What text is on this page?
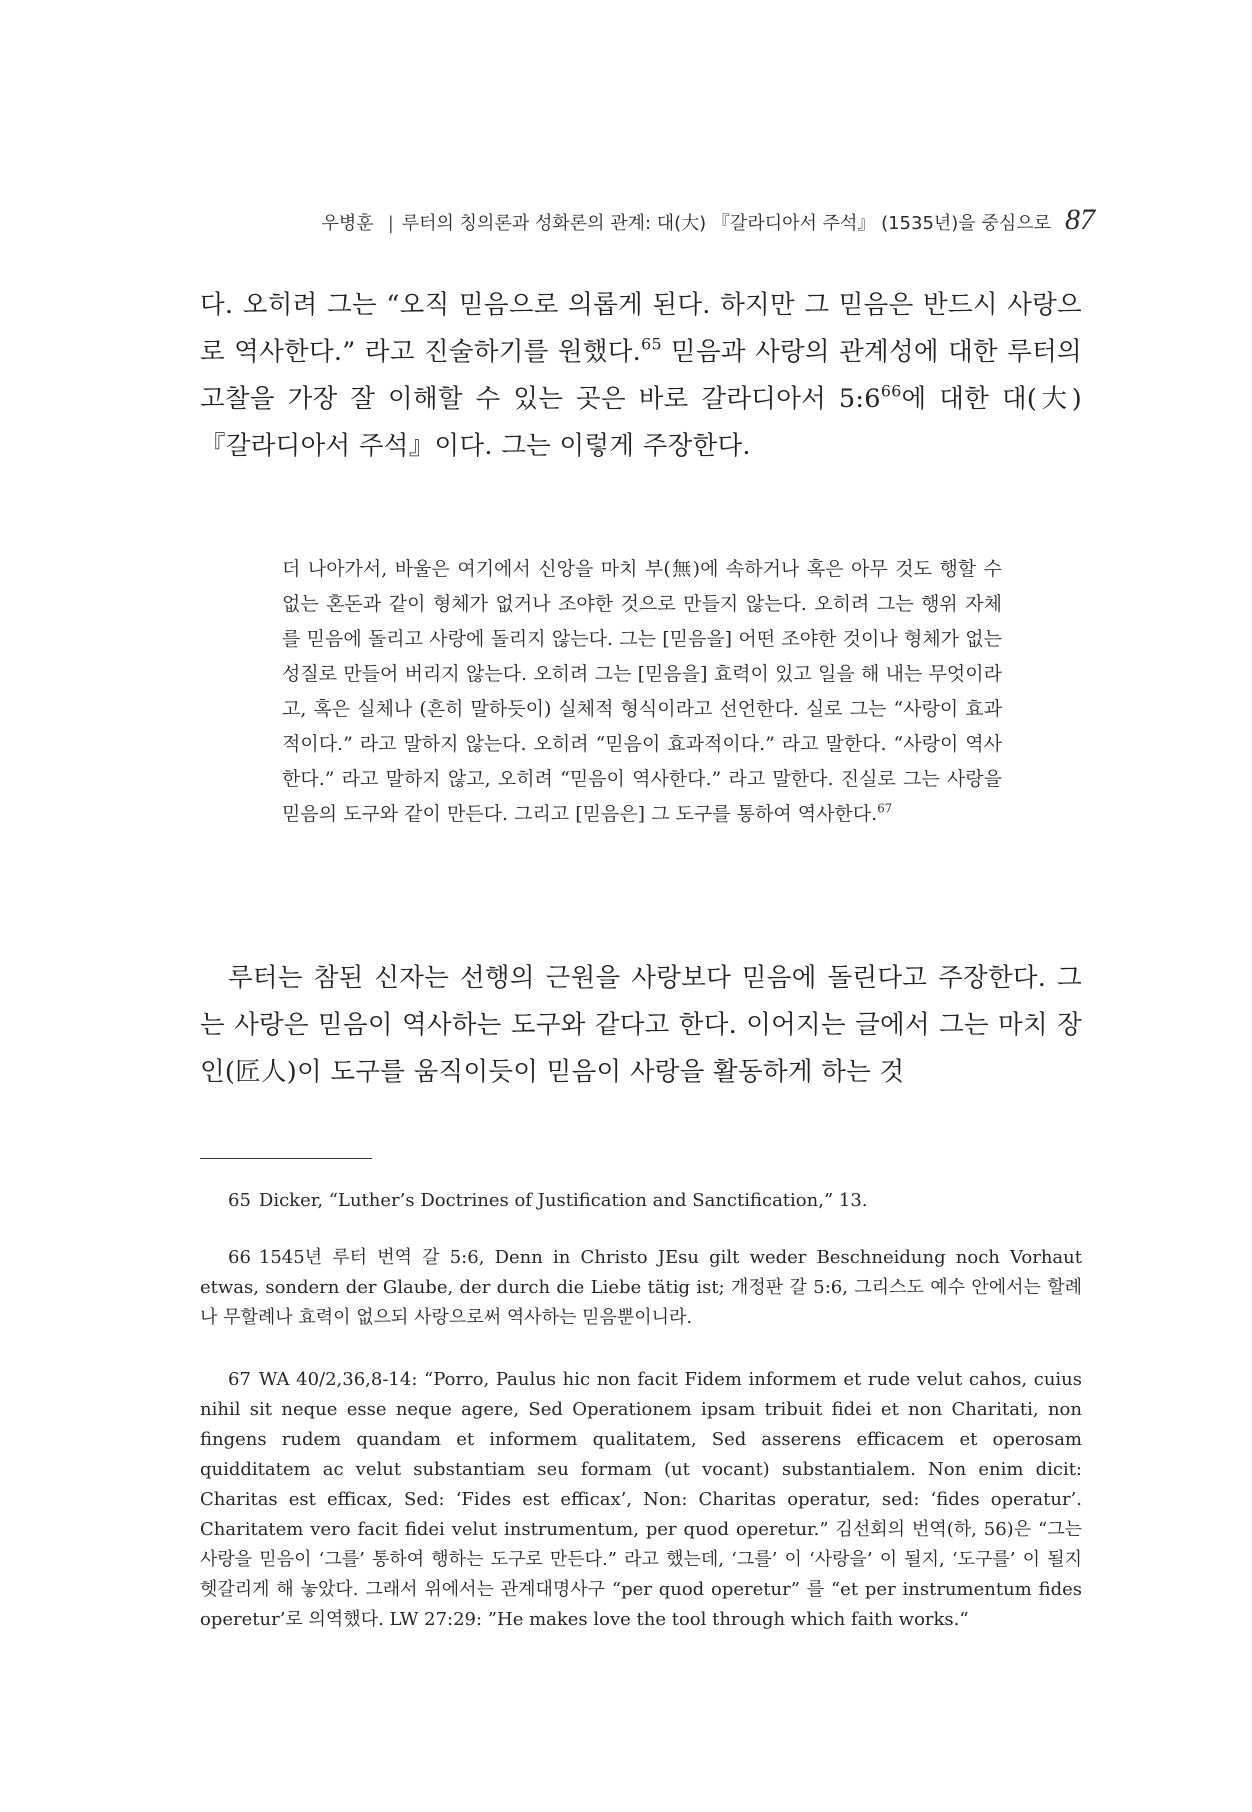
우병훈 | 루터의 칭의론과 성화론의 관계: 대(大) 『갈라디아서 주석』 (1535년)을 중심으로 87
다. 오히려 그는 “오직 믿음으로 의롭게 된다. 하지만 그 믿음은 반드시 사랑으로 역사한다.” 라고 진술하기를 원했다.$^{65}$ 믿음과 사랑의 관계성에 대한 루터의 고찰을 가장 잘 이해할 수 있는 곳은 바로 갈라디아서 $5:6^{66}$에 대한 대(大) 『갈라디아서 주석』이다. 그는 이렇게 주장한다.
더 나아가서, 바울은 여기에서 신앙을 마치 부(無)에 속하거나 혹은 아무 것도 행할 수 없는 혼돈과 같이 형체가 없거나 조야한 것으로 만들지 않는다. 오히려 그는 행위 자체를 믿음에 돌리고 사랑에 돌리지 않는다. 그는 [믿음을] 어떤 조야한 것이나 형체가 없는 성질로 만들어 버리지 않는다. 오히려 그는 [믿음을] 효력이 있고 일을 해 내는 무엇이라고, 혹은 실체나 (흔히 말하듯이) 실체적 형식이라고 선언한다. 실로 그는 “사랑이 효과적이다.” 라고 말하지 않는다. 오히려 “믿음이 효과적이다.” 라고 말한다. “사랑이 역사한다.” 라고 말하지 않고, 오히려 “믿음이 역사한다.” 라고 말한다. 진실로 그는 사랑을 믿음의 도구와 같이 만든다. 그리고 [믿음은] 그 도구를 통하여 역사한다.$^{67}$
루터는 참된 신자는 선행의 근원을 사랑보다 믿음에 돌린다고 주장한다. 그는 사랑은 믿음이 역사하는 도구와 같다고 한다. 이어지는 글에서 그는 마치 장인(匠人)이 도구를 움직이듯이 믿음이 사랑을 활동하게 하는 것
65 Dicker, “Luther’s Doctrines of Justification and Sanctification,” 13.
66 1545년 루터 번역 갈 5:6, Denn in Christo JEsu gilt weder Beschneidung noch Vorhaut etwas, sondern der Glaube, der durch die Liebe tätig ist; 개정판 갈 5:6, 그리스도 예수 안에서는 할례나 무할례나 효력이 없으되 사랑으로써 역사하는 믿음뿐이니라.
67 WA 40/2,36,8-14: “Porro, Paulus hic non facit Fidem informem et rude velut cahos, cuius nihil sit neque esse neque agere, Sed Operationem ipsam tribuit fidei et non Charitati, non fingens rudem quandam et informem qualitatem, Sed asserens efficacem et operosam quidditatem ac velut substantiam seu formam (ut vocant) substantialem. Non enim dicit: Charitas est efficax, Sed: ‘Fides est efficax’, Non: Charitas operatur, sed: ‘fides operatur’. Charitatem vero facit fidei velut instrumentum, per quod operetur.” 김선회의 번역(하, 56)은 “그는 사랑을 믿음이 ‘그를’ 통하여 행하는 도구로 만든다.” 라고 했는데, ‘그를’ 이 ‘사랑을’ 이 될지, ‘도구를’ 이 될지 헷갈리게 해 놓았다. 그래서 위에서는 관계대명사구 “per quod operetur” 를 “et per instrumentum fides operetur’로 의역했다. LW 27:29: ”He makes love the tool through which faith works.“
